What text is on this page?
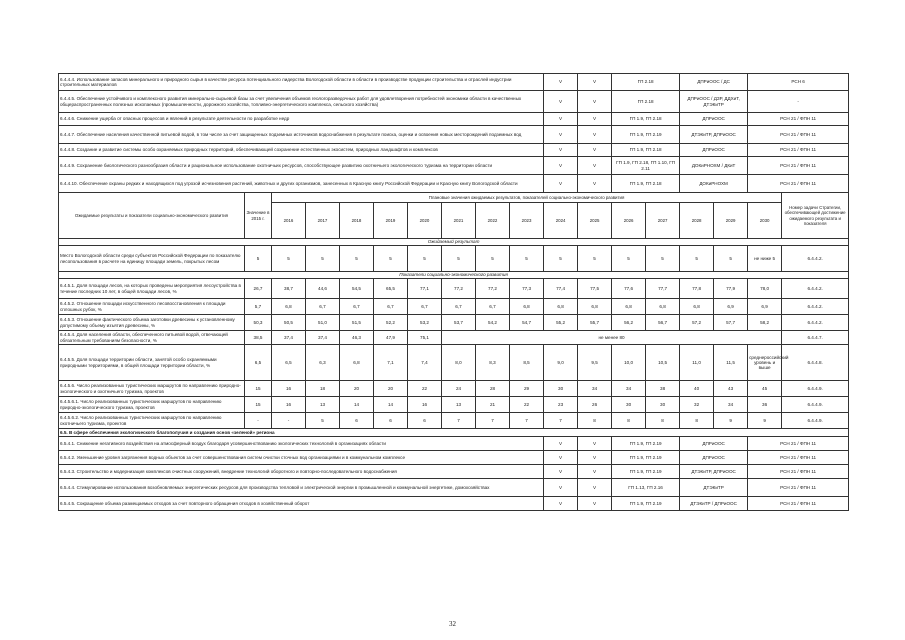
6.4.4.4. Использование запасов минерального и природного сырья в качестве ресурса потенциального лидерства Вологодской области в области в производстве продукции строительства и отраслей индустрии строительных материалов										V	V	ГП 2.18		ДПРиООС / ДС		РСН 6	
6.4.4.5. Обеспечение устойчивого и комплексного развития минерально-сырьевой базы за счет увеличения объемов геологоразведочных работ для удовлетворения потребностей экономики области в качественных общераспространенных полезных ископаемых (промышленности, дорожного хозяйства, топливно-энергетического комплекса, сельского хозяйства)										V	V	ГП 2.18		ДПРиООС / ДЗР, ДДХиТ, ДТЭКиТР		-	
6.4.4.6. Снижение ущерба от опасных процессов и явлений в результате деятельности по разработке недр										V	V	ГП 1.9, ГП 2.18		ДПРиООС		РСН 21 / ФПН 11	
6.4.4.7. Обеспечение населения качественной питьевой водой, в том числе за счет защищенных подземных источников водоснабжения в результате поиска, оценки и освоения новых месторождений подземных вод										V	V	ГП 1.9, ГП 2.19		ДТЭКиТР, ДПРиООС		РСН 21 / ФПН 11	
6.4.4.8. Создание и развитие системы особо охраняемых природных территорий, обеспечивающей сохранение естественных экосистем, природных ландшафтов и комплексов										V	V	ГП 1.9, ГП 2.18		ДПРиООС		РСН 21 / ФПН 11	
6.4.4.9. Сохранение биологического разнообразия области и рациональное использование охотничьих ресурсов, способствующее развитию охотничьего экологического туризма на территории области										V	V	ГП 1.9, ГП 2.18, ГП 1.10, ГП 2.11		ДОКиРНОХМ / ДКиТ		РСН 21 / ФПН 11	
6.4.4.10. Обеспечение охраны редких и находящихся под угрозой исчезновения растений, животных и других организмов, занесенных в Красную книгу Российской Федерации и Красную книгу Вологодской области										V	V	ГП 1.9, ГП 2.18		ДОКиРНОХМ		РСН 21 / ФПН 11	
Ожидаемые результаты и показатели социально-экономического развития	Значение в 2015 г.	Плановые значения ожидаемых результатов, показателей социально-экономического развития															Номер задачи Стратегии, обеспечивающей достижение ожидаемого результата и показателя
		2016	2017	2018	2019	2020	2021	2022	2023	2024	2025	2026	2027	2028	2029	2030	
Ожидаемый результат																	
Место Вологодской области среди субъектов Российской Федерации по показателю лесопользования в расчете на единицу площади земель, покрытых лесом	5	5	5	5	5	5	5	5	5	5	5	5	5	5	5	не ниже 5	6.4.4.2.
Показатели социально-экономического развития																	
6.4.5.1. Доля площади лесов, на которых проведены мероприятия лесоустройства в течение последних 10 лет, в общей площади лесов, %	26,7	38,7	44,6	54,5	65,5	77,1	77,2	77,2	77,3	77,4	77,5	77,6	77,7	77,8	77,9	78,0	6.4.4.2.
6.4.5.2. Отношение площади искусственного лесовосстановления к площади сплошных рубок, %	5,7	6,8	6,7	6,7	6,7	6,7	6,7	6,7	6,8	6,8	6,8	6,8	6,8	6,8	6,9	6,9	6.4.4.2.
6.4.5.3. Отношение фактического объема заготовки древесины к установленному допустимому объему изъятия древесины, %	50,3	50,5	51,0	51,5	52,2	53,2	53,7	54,2	54,7	55,2	55,7	56,2	56,7	57,2	57,7	58,2	6.4.4.2.
6.4.5.4. Доля населения области, обеспеченного питьевой водой, отвечающей обязательным требованиям безопасности, %	38,5	37,4	37,4	46,3	47,9	75,1	не менее 80										6.4.4.7.
6.4.5.5. Доля площади территории области, занятой особо охраняемыми природными территориями, в общей площади территории области, %	6,5	6,5	6,3	6,8	7,1	7,4	8,0	8,3	8,5	9,0	9,5	10,0	10,5	11,0	11,5	среднероссийский уровень и выше	6.4.4.8.
6.4.5.6. Число реализованных туристических маршрутов по направлению природно-экологического и охотничьего туризма, проектов	15	16	18	20	20	22	24	28	29	30	34	34	38	40	43	45	6.4.4.9.
6.4.5.6.1. Число реализованных туристических маршрутов по направлению природно-экологического туризма, проектов	15	16	13	14	14	16	13	21	22	23	26	30	30	32	34	36	6.4.4.9.
6.4.5.6.2. Число реализованных туристических маршрутов по направлению охотничьего туризма, проектов	-	-	5	6	6	6	7	7	7	7	8	8	8	8	9	9	6.4.4.9.
6.5. В сфере обеспечения экологического благополучия и создания основ «зеленой» региона																	
6.5.4.1. Снижение негативного воздействия на атмосферный воздух благодаря усовершенствованию экологических технологий в организациях области										V	V	ГП 1.9, ГП 2.19		ДПРиООС		РСН 21 / ФПН 11	
6.5.4.2. Уменьшение уровня загрязнения водных объектов за счет совершенствования систем очистки сточных вод организациями и в коммунальном комплексе										V	V	ГП 1.9, ГП 2.19		ДПРиООС		РСН 21 / ФПН 11	
6.5.4.3. Строительство и модернизация комплексов очистных сооружений, внедрение технологий оборотного и повторно-последовательного водоснабжения										V	V	ГП 1.9, ГП 2.19		ДТЭКиТР, ДПРиООС		РСН 21 / ФПН 11	
6.5.4.4. Стимулирование использования возобновляемых энергетических ресурсов для производства тепловой и электрической энергии в промышленной и коммунальной энергетике, домохозяйствах										V	V	ГП 1.13, ГП 2.16		ДТЭКиТР		РСН 21 / ФПН 11	
6.5.4.5. Сокращение объема размещаемых отходов за счет повторного обращения отходов в хозяйственный оборот										V	V	ГП 1.9, ГП 2.19		ДТЭКиТР / ДПРиООС		РСН 21 / ФПН 11	
32
